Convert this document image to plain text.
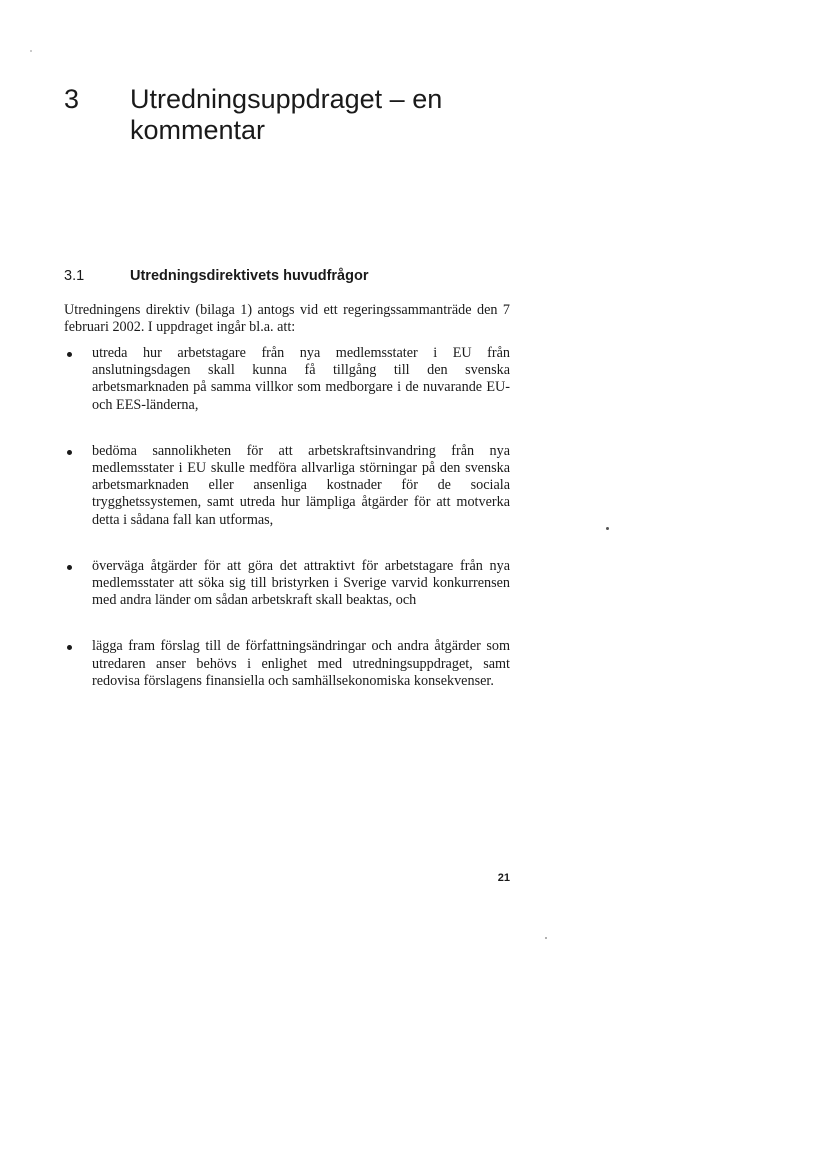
3 Utredningsuppdraget – en kommentar
3.1	Utredningsdirektivets huvudfrågor

Utredningens direktiv (bilaga 1) antogs vid ett regeringssammanträde den 7 februari 2002. I uppdraget ingår bl.a. att:

utreda hur arbetstagare från nya medlemsstater i EU från anslutningsdagen skall kunna få tillgång till den svenska arbetsmarknaden på samma villkor som medborgare i de nuvarande EU- och EES-länderna,

bedöma sannolikheten för att arbetskraftsinvandring från nya medlemsstater i EU skulle medföra allvarliga störningar på den svenska arbetsmarknaden eller ansenliga kostnader för de sociala trygghetssystemen, samt utreda hur lämpliga åtgärder för att motverka detta i sådana fall kan utformas,

överväga åtgärder för att göra det attraktivt för arbetstagare från nya medlemsstater att söka sig till bristyrken i Sverige varvid konkurrensen med andra länder om sådan arbetskraft skall beaktas, och

lägga fram förslag till de författningsändringar och andra åtgärder som utredaren anser behövs i enlighet med utredningsuppdraget, samt redovisa förslagens finansiella och samhällsekonomiska konsekvenser.

21
